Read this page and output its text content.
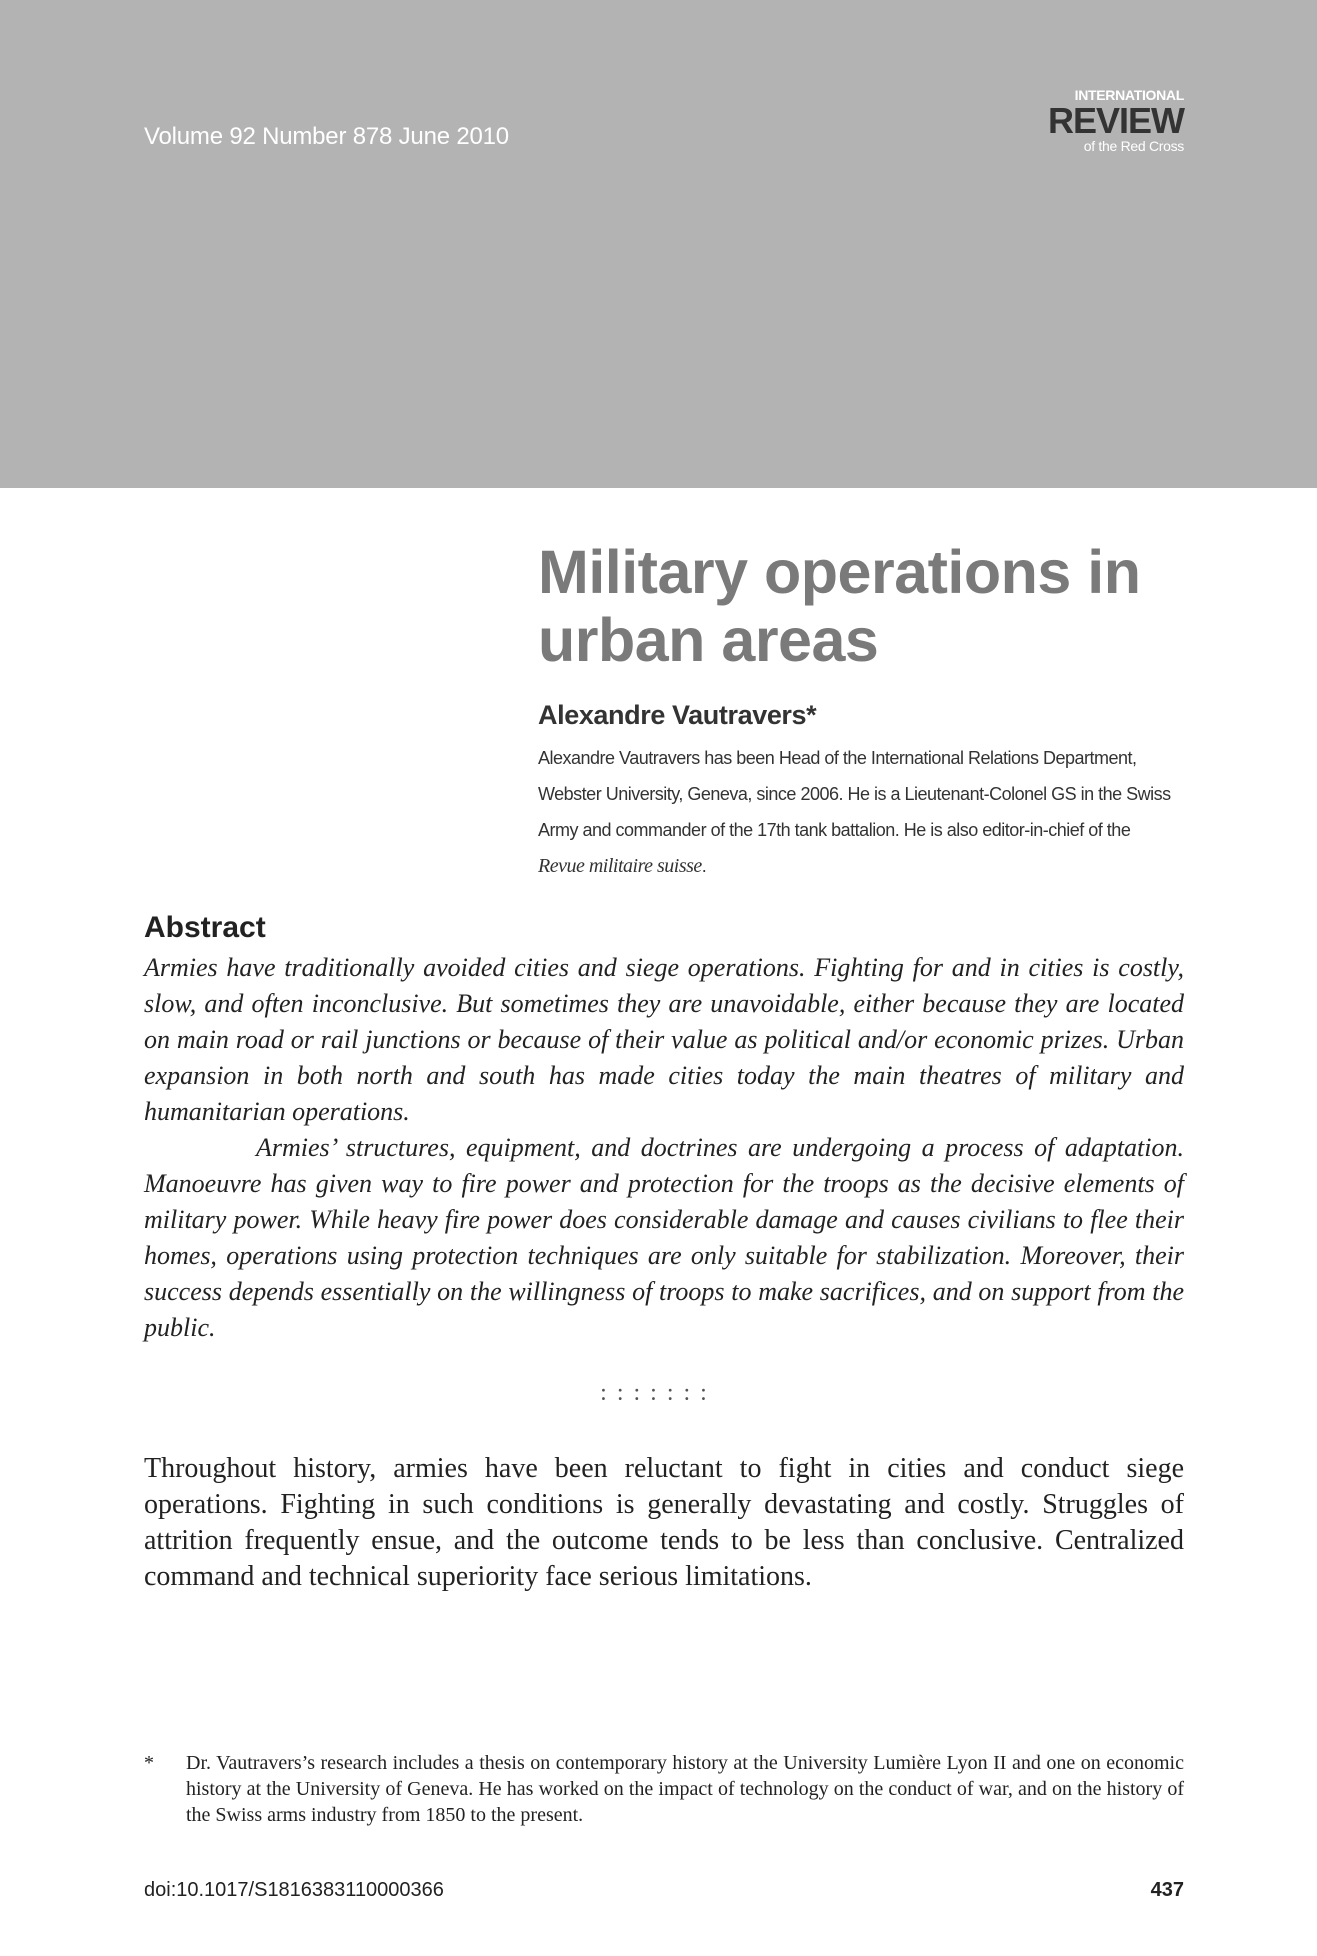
Volume 92 Number 878 June 2010
INTERNATIONAL
REVIEW
of the Red Cross
Military operations in urban areas
Alexandre Vautravers*
Alexandre Vautravers has been Head of the International Relations Department, Webster University, Geneva, since 2006. He is a Lieutenant-Colonel GS in the Swiss Army and commander of the 17th tank battalion. He is also editor-in-chief of the Revue militaire suisse.
Abstract

Armies have traditionally avoided cities and siege operations. Fighting for and in cities is costly, slow, and often inconclusive. But sometimes they are unavoidable, either because they are located on main road or rail junctions or because of their value as political and/or economic prizes. Urban expansion in both north and south has made cities today the main theatres of military and humanitarian operations.

Armies’ structures, equipment, and doctrines are undergoing a process of adaptation. Manoeuvre has given way to fire power and protection for the troops as the decisive elements of military power. While heavy fire power does considerable damage and causes civilians to flee their homes, operations using protection techniques are only suitable for stabilization. Moreover, their success depends essentially on the willingness of troops to make sacrifices, and on support from the public.

:::::::

Throughout history, armies have been reluctant to fight in cities and conduct siege operations. Fighting in such conditions is generally devastating and costly. Struggles of attrition frequently ensue, and the outcome tends to be less than conclusive. Centralized command and technical superiority face serious limitations.

* Dr. Vautravers’s research includes a thesis on contemporary history at the University Lumière Lyon II and one on economic history at the University of Geneva. He has worked on the impact of technology on the conduct of war, and on the history of the Swiss arms industry from 1850 to the present.
doi:10.1017/S1816383110000366	437
